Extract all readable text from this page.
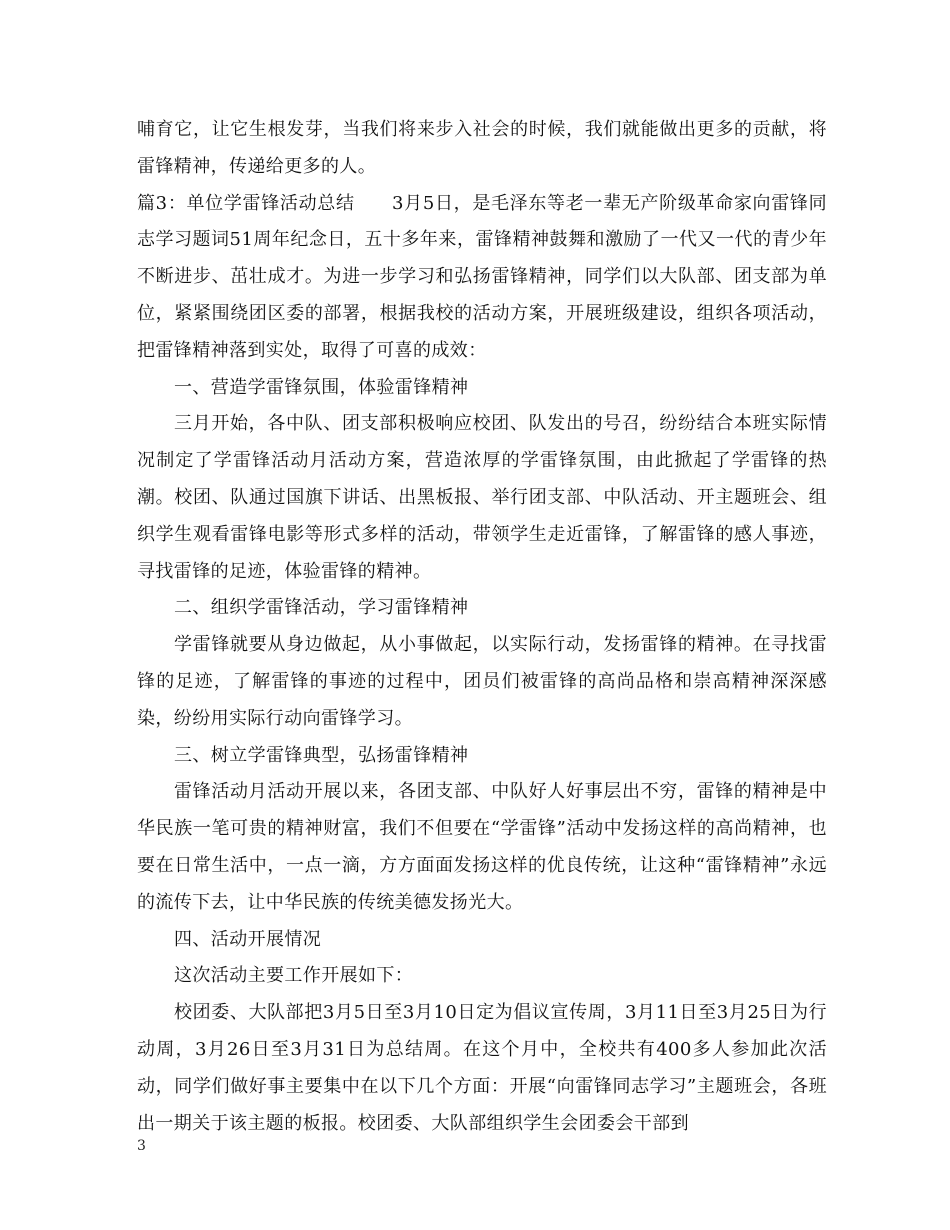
哺育它，让它生根发芽，当我们将来步入社会的时候，我们就能做出更多的贡献，将雷锋精神，传递给更多的人。

篇3：单位学雷锋活动总结　　3月5日，是毛泽东等老一辈无产阶级革命家向雷锋同志学习题词51周年纪念日，五十多年来，雷锋精神鼓舞和激励了一代又一代的青少年不断进步、茁壮成才。为进一步学习和弘扬雷锋精神，同学们以大队部、团支部为单位，紧紧围绕团区委的部署，根据我校的活动方案，开展班级建设，组织各项活动，把雷锋精神落到实处，取得了可喜的成效：

一、营造学雷锋氛围，体验雷锋精神

三月开始，各中队、团支部积极响应校团、队发出的号召，纷纷结合本班实际情况制定了学雷锋活动月活动方案，营造浓厚的学雷锋氛围，由此掀起了学雷锋的热潮。校团、队通过国旗下讲话、出黑板报、举行团支部、中队活动、开主题班会、组织学生观看雷锋电影等形式多样的活动，带领学生走近雷锋，了解雷锋的感人事迹，寻找雷锋的足迹，体验雷锋的精神。

二、组织学雷锋活动，学习雷锋精神

学雷锋就要从身边做起，从小事做起，以实际行动，发扬雷锋的精神。在寻找雷锋的足迹，了解雷锋的事迹的过程中，团员们被雷锋的高尚品格和崇高精神深深感染，纷纷用实际行动向雷锋学习。

三、树立学雷锋典型，弘扬雷锋精神

雷锋活动月活动开展以来，各团支部、中队好人好事层出不穷，雷锋的精神是中华民族一笔可贵的精神财富，我们不但要在“学雷锋”活动中发扬这样的高尚精神，也要在日常生活中，一点一滴，方方面面发扬这样的优良传统，让这种“雷锋精神”永远的流传下去，让中华民族的传统美德发扬光大。

四、活动开展情况

这次活动主要工作开展如下：

校团委、大队部把3月5日至3月10日定为倡议宣传周，3月11日至3月25日为行动周，3月26日至3月31日为总结周。在这个月中，全校共有400多人参加此次活动，同学们做好事主要集中在以下几个方面：开展“向雷锋同志学习”主题班会，各班出一期关于该主题的板报。校团委、大队部组织学生会团委会干部到

3
